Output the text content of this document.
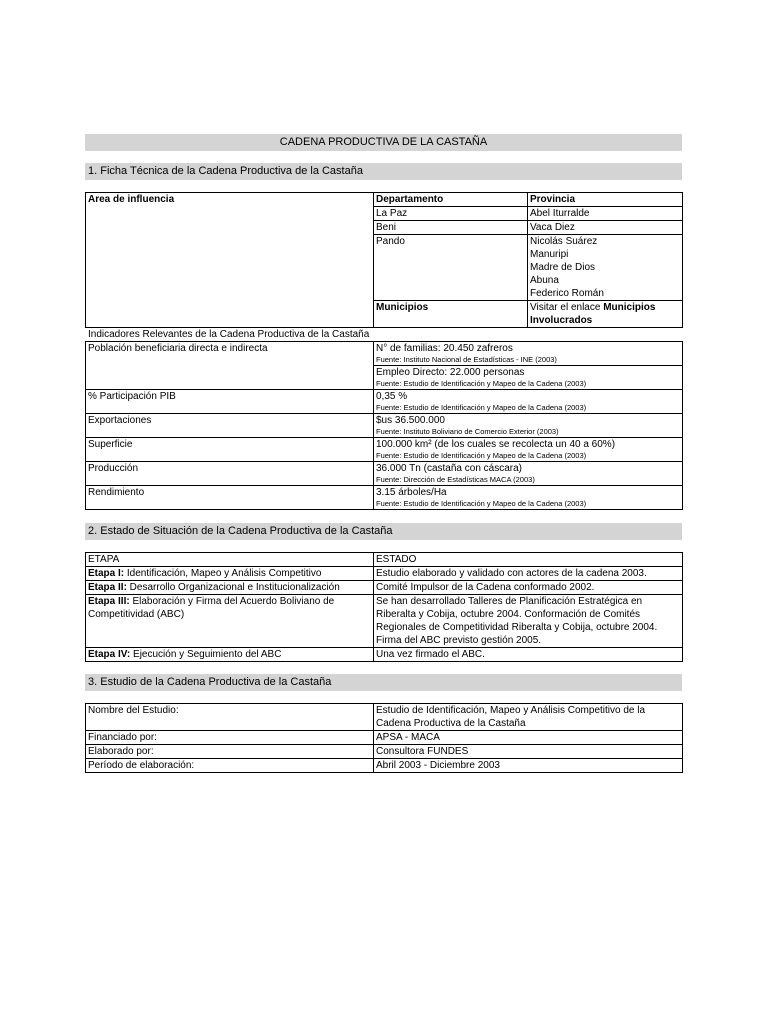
CADENA PRODUCTIVA DE LA CASTAÑA
1. Ficha Técnica de la Cadena Productiva de la Castaña
Area de influencia	Departamento	Provincia
	La Paz	Abel Iturralde
	Beni	Vaca Diez
	Pando	Nicolás Suárez
Manuripi
Madre de Dios
Abuna
Federico Román

	Municipios	Visitar el enlace Municipios
Involucrados
Indicadores Relevantes de la Cadena Productiva de la Castaña
Población beneficiaria directa e indirecta	N° de familias: 20.450 zafreros
Fuente: Instituto Nacional de Estadísticas - INE (2003)

	Empleo Directo: 22.000 personas
Fuente: Estudio de Identificación y Mapeo de la Cadena (2003)

% Participación PIB	0,35 %
Fuente: Estudio de Identificación y Mapeo de la Cadena (2003)

Exportaciones	$us 36.500.000
Fuente: Instituto Boliviano de Comercio Exterior (2003)

Superficie	100.000 km² (de los cuales se recolecta un 40 a 60%)
Fuente: Estudio de Identificación y Mapeo de la Cadena (2003)

Producción	36.000 Tn (castaña con cáscara)
Fuente: Dirección de Estadísticas MACA (2003)

Rendimiento	3.15 árboles/Ha
Fuente: Estudio de Identificación y Mapeo de la Cadena (2003)
2. Estado de Situación de la Cadena Productiva de la Castaña
ETAPA	ESTADO
Etapa I: Identificación, Mapeo y Análisis Competitivo	Estudio elaborado y validado con actores de la cadena 2003.
Etapa II: Desarrollo Organizacional e Institucionalización	Comité Impulsor de la Cadena conformado 2002.
Etapa III: Elaboración y Firma del Acuerdo Boliviano de Competitividad (ABC)	Se han desarrollado Talleres de Planificación Estratégica en Riberalta y Cobija, octubre 2004. Conformación de Comités Regionales de Competitividad Riberalta y Cobija, octubre 2004. Firma del ABC previsto gestión 2005.
Etapa IV: Ejecución y Seguimiento del ABC	Una vez firmado el ABC.
3. Estudio de la Cadena Productiva de la Castaña
Nombre del Estudio:	Estudio de Identificación, Mapeo y Análisis Competitivo de la Cadena Productiva de la Castaña
Financiado por:	APSA - MACA
Elaborado por:	Consultora FUNDES
Período de elaboración:	Abril 2003 - Diciembre 2003
